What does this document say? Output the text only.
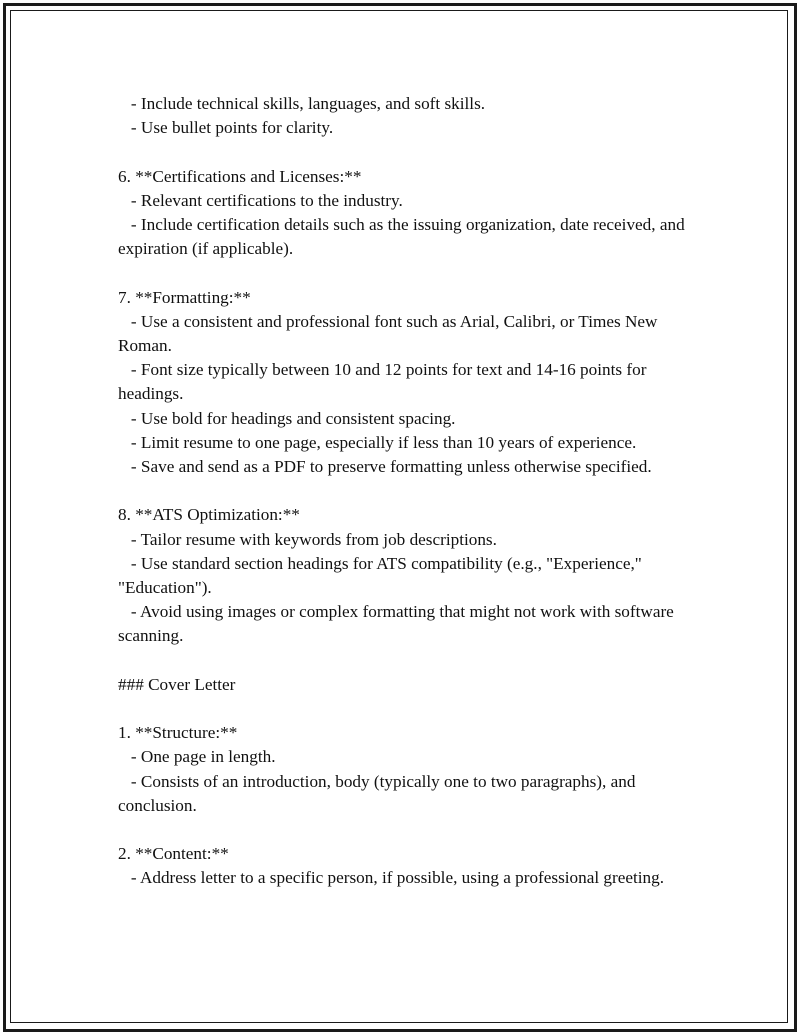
- Include technical skills, languages, and soft skills.

- Use bullet points for clarity.

6. **Certifications and Licenses:**

- Relevant certifications to the industry.

- Include certification details such as the issuing organization, date received, and expiration (if applicable).

7. **Formatting:**

- Use a consistent and professional font such as Arial, Calibri, or Times New Roman.

- Font size typically between 10 and 12 points for text and 14-16 points for headings.

- Use bold for headings and consistent spacing.

- Limit resume to one page, especially if less than 10 years of experience.

- Save and send as a PDF to preserve formatting unless otherwise specified.

8. **ATS Optimization:**

- Tailor resume with keywords from job descriptions.

- Use standard section headings for ATS compatibility (e.g., "Experience," "Education").

- Avoid using images or complex formatting that might not work with software scanning.

### Cover Letter

1. **Structure:**

- One page in length.

- Consists of an introduction, body (typically one to two paragraphs), and conclusion.

2. **Content:**

- Address letter to a specific person, if possible, using a professional greeting.
